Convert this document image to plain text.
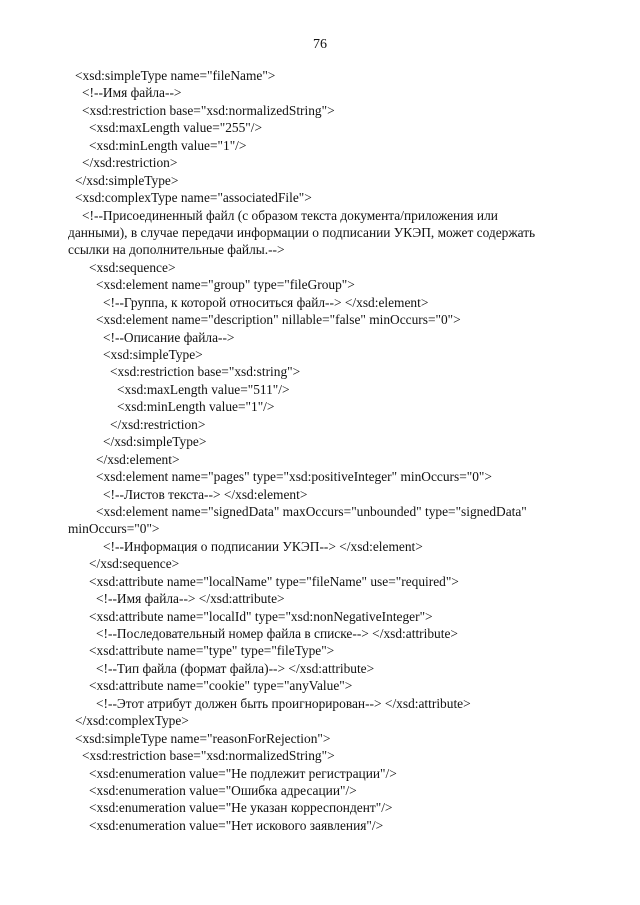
76
<xsd:simpleType name="fileName">
<!--Имя файла-->
<xsd:restriction base="xsd:normalizedString">
<xsd:maxLength value="255"/>
<xsd:minLength value="1"/>
</xsd:restriction>
</xsd:simpleType>
<xsd:complexType name="associatedFile">
<!--Присоединенный файл (с образом текста документа/приложения или
данными), в случае передачи информации о подписании УКЭП, может содержать
ссылки на дополнительные файлы.-->
<xsd:sequence>
<xsd:element name="group" type="fileGroup">
<!--Группа, к которой относиться файл--> </xsd:element>
<xsd:element name="description" nillable="false" minOccurs="0">
<!--Описание файла-->
<xsd:simpleType>
<xsd:restriction base="xsd:string">
<xsd:maxLength value="511"/>
<xsd:minLength value="1"/>
</xsd:restriction>
</xsd:simpleType>
</xsd:element>
<xsd:element name="pages" type="xsd:positiveInteger" minOccurs="0">
<!--Листов текста--> </xsd:element>
<xsd:element name="signedData" maxOccurs="unbounded" type="signedData"
minOccurs="0">
<!--Информация о подписании УКЭП--> </xsd:element>
</xsd:sequence>
<xsd:attribute name="localName" type="fileName" use="required">
<!--Имя файла--> </xsd:attribute>
<xsd:attribute name="localId" type="xsd:nonNegativeInteger">
<!--Последовательный номер файла в списке--> </xsd:attribute>
<xsd:attribute name="type" type="fileType">
<!--Тип файла (формат файла)--> </xsd:attribute>
<xsd:attribute name="cookie" type="anyValue">
<!--Этот атрибут должен быть проигнорирован--> </xsd:attribute>
</xsd:complexType>
<xsd:simpleType name="reasonForRejection">
<xsd:restriction base="xsd:normalizedString">
<xsd:enumeration value="Не подлежит регистрации"/>
<xsd:enumeration value="Ошибка адресации"/>
<xsd:enumeration value="Не указан корреспондент"/>
<xsd:enumeration value="Нет искового заявления"/>
